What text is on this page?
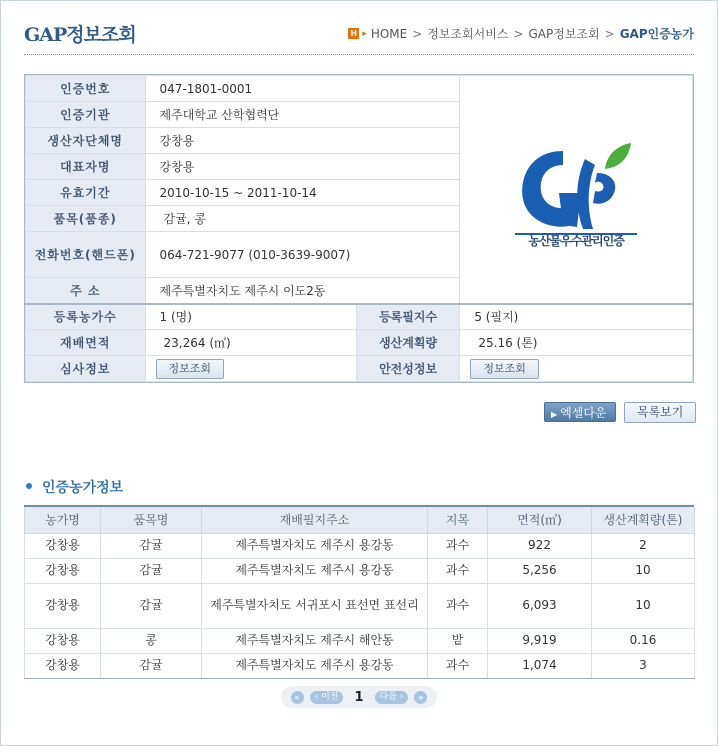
GAP정보조회	H ▸ HOME > 정보조회서비스 > GAP정보조회 > GAP인증농가
인증번호	047-1801-0001		농산물우수관리인증

인증기관	제주대학교 산학협력단		
생산자단체명	강창용		
대표자명	강창용		
유효기간	2010-10-15 ~ 2011-10-14		
품목(품종)	감귤, 콩		
전화번호(핸드폰)	064-721-9077 (010-3639-9007)		
주 소	제주특별자치도 제주시 이도2동		
등록농가수	1 (명)	등록필지수	5 (필지)
재배면적	23,264 (㎡)	생산계획량	25.16 (톤)
심사정보	정보조회	안전성정보	정보조회
▶ 엑셀다운	목록보기
인증농가정보
농가명	품목명	재배필지주소	지목	면적(㎡)	생산계획량(톤)
강창용	감귤	제주특별자치도 제주시 용강동	과수	922	2
강창용	감귤	제주특별자치도 제주시 용강동	과수	5,256	10
강창용	감귤	제주특별자치도 서귀포시 표선면 표선리	과수	6,093	10
강창용	콩	제주특별자치도 제주시 해안동	밭	9,919	0.16
강창용	감귤	제주특별자치도 제주시 용강동	과수	1,074	3
«	‹ 이전	1	다음 ›	»
